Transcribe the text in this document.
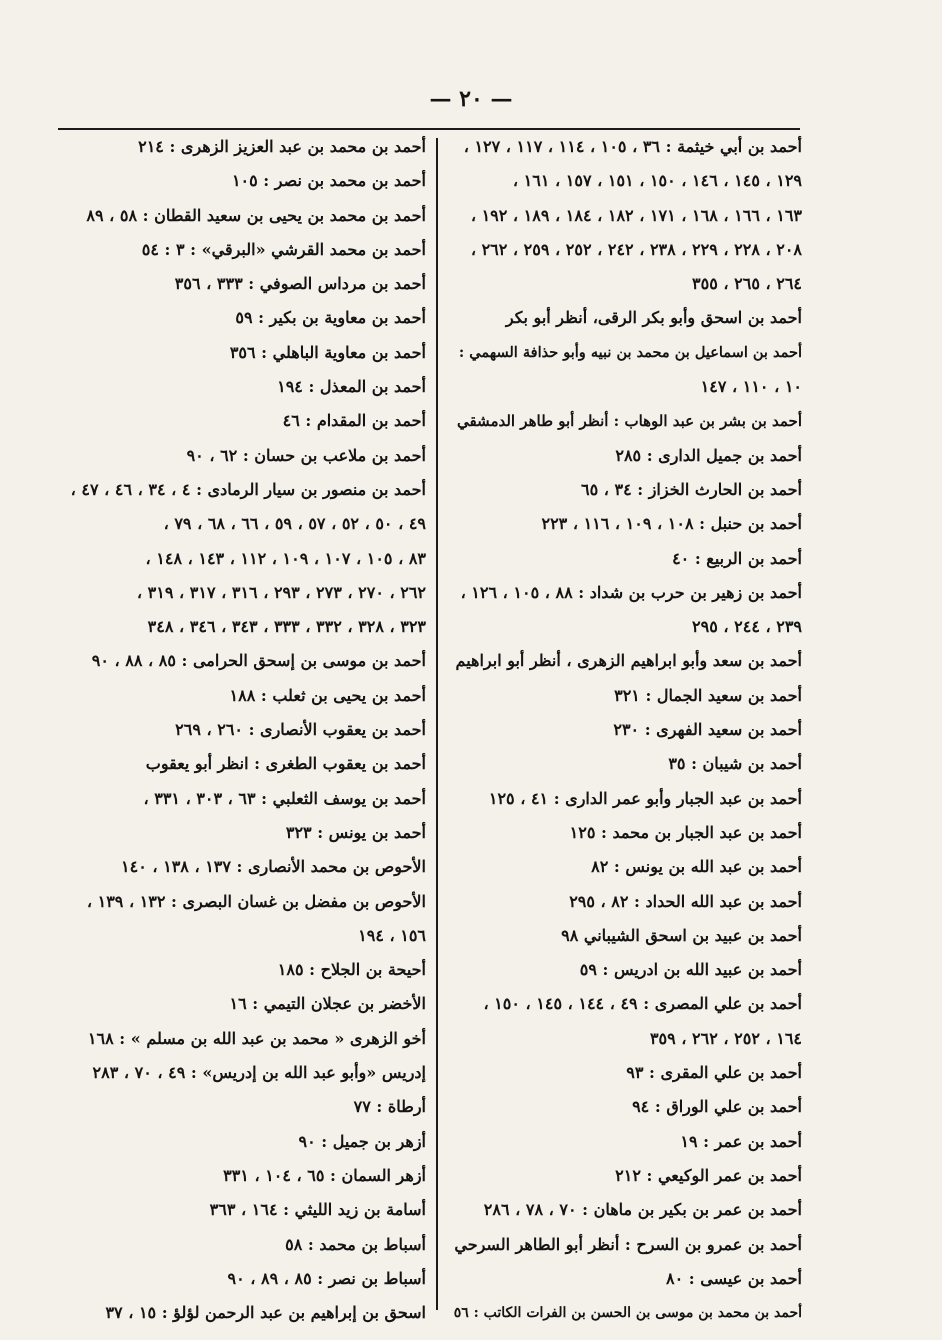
— ٢٠ —
أحمد بن أبي خيثمة : ٣٦ ، ١٠٥ ، ١١٤ ، ١١٧ ، ١٢٧ ،
١٢٩ ، ١٤٥ ، ١٤٦ ، ١٥٠ ، ١٥١ ، ١٥٧ ، ١٦١ ،
١٦٣ ، ١٦٦ ، ١٦٨ ، ١٧١ ، ١٨٢ ، ١٨٤ ، ١٨٩ ، ١٩٢ ،
٢٠٨ ، ٢٢٨ ، ٢٢٩ ، ٢٣٨ ، ٢٤٢ ، ٢٥٢ ، ٢٥٩ ، ٢٦٢ ،
٢٦٤ ، ٢٦٥ ، ٣٥٥
أحمد بن اسحق وأبو بكر الرقى، أنظر أبو بكر
أحمد بن اسماعيل بن محمد بن نبيه وأبو حذافة السهمي :
١٠ ، ١١٠ ، ١٤٧
أحمد بن بشر بن عبد الوهاب : أنظر أبو طاهر الدمشقي
أحمد بن جميل الدارى : ٢٨٥
أحمد بن الحارث الخزاز : ٣٤ ، ٦٥
أحمد بن حنبل : ١٠٨ ، ١٠٩ ، ١١٦ ، ٢٢٣
أحمد بن الربيع : ٤٠
أحمد بن زهير بن حرب بن شداد : ٨٨ ، ١٠٥ ، ١٢٦ ،
٢٣٩ ، ٢٤٤ ، ٢٩٥
أحمد بن سعد وأبو ابراهيم الزهرى ، أنظر أبو ابراهيم
أحمد بن سعيد الجمال : ٣٢١
أحمد بن سعيد الفهرى : ٢٣٠
أحمد بن شيبان : ٣٥
أحمد بن عبد الجبار وأبو عمر الدارى : ٤١ ، ١٢٥
أحمد بن عبد الجبار بن محمد : ١٢٥
أحمد بن عبد الله بن يونس : ٨٢
أحمد بن عبد الله الحداد : ٨٢ ، ٢٩٥
أحمد بن عبيد بن اسحق الشيباني ٩٨
أحمد بن عبيد الله بن ادريس : ٥٩
أحمد بن علي المصرى : ٤٩ ، ١٤٤ ، ١٤٥ ، ١٥٠ ،
١٦٤ ، ٢٥٢ ، ٢٦٢ ، ٣٥٩
أحمد بن علي المقرى : ٩٣
أحمد بن علي الوراق : ٩٤
أحمد بن عمر : ١٩
أحمد بن عمر الوكيعي : ٢١٢
أحمد بن عمر بن بكير بن ماهان : ٧٠ ، ٧٨ ، ٢٨٦
أحمد بن عمرو بن السرح : أنظر أبو الطاهر السرحي
أحمد بن عيسى : ٨٠
أحمد بن محمد بن موسى بن الحسن بن الفرات الكاتب : ٥٦
أحمد بن محمد بن عبد العزيز الزهرى : ٢١٤
أحمد بن محمد بن نصر : ١٠٥
أحمد بن محمد بن يحيى بن سعيد القطان : ٥٨ ، ٨٩
أحمد بن محمد القرشي «البرقي» : ٣ : ٥٤
أحمد بن مرداس الصوفي : ٣٣٣ ، ٣٥٦
أحمد بن معاوية بن بكير : ٥٩
أحمد بن معاوية الباهلي : ٣٥٦
أحمد بن المعذل : ١٩٤
أحمد بن المقدام : ٤٦
أحمد بن ملاعب بن حسان : ٦٢ ، ٩٠
أحمد بن منصور بن سيار الرمادى : ٤ ، ٣٤ ، ٤٦ ، ٤٧ ،
٤٩ ، ٥٠ ، ٥٢ ، ٥٧ ، ٥٩ ، ٦٦ ، ٦٨ ، ٧٩ ،
٨٣ ، ١٠٥ ، ١٠٧ ، ١٠٩ ، ١١٢ ، ١٤٣ ، ١٤٨ ،
٢٦٢ ، ٢٧٠ ، ٢٧٣ ، ٢٩٣ ، ٣١٦ ، ٣١٧ ، ٣١٩ ،
٣٢٣ ، ٣٢٨ ، ٣٣٢ ، ٣٣٣ ، ٣٤٣ ، ٣٤٦ ، ٣٤٨
أحمد بن موسى بن إسحق الحرامى : ٨٥ ، ٨٨ ، ٩٠
أحمد بن يحيى بن ثعلب : ١٨٨
أحمد بن يعقوب الأنصارى : ٢٦٠ ، ٢٦٩
أحمد بن يعقوب الطغرى : انظر أبو يعقوب
أحمد بن يوسف الثعلبي : ٦٣ ، ٣٠٣ ، ٣٣١ ،
أحمد بن يونس : ٣٢٣
الأحوص بن محمد الأنصارى : ١٣٧ ، ١٣٨ ، ١٤٠
الأحوص بن مفضل بن غسان البصرى : ١٣٢ ، ١٣٩ ،
١٥٦ ، ١٩٤
أحيحة بن الجلاح : ١٨٥
الأخضر بن عجلان التيمي : ١٦
أخو الزهرى « محمد بن عبد الله بن مسلم » : ١٦٨
إدريس «وأبو عبد الله بن إدريس» : ٤٩ ، ٧٠ ، ٢٨٣
أرطاة : ٧٧
أزهر بن جميل : ٩٠
أزهر السمان : ٦٥ ، ١٠٤ ، ٣٣١
أسامة بن زيد الليثي : ١٦٤ ، ٣٦٣
أسباط بن محمد : ٥٨
أسباط بن نصر : ٨٥ ، ٨٩ ، ٩٠
اسحق بن إبراهيم بن عبد الرحمن لؤلؤ : ١٥ ، ٣٧
